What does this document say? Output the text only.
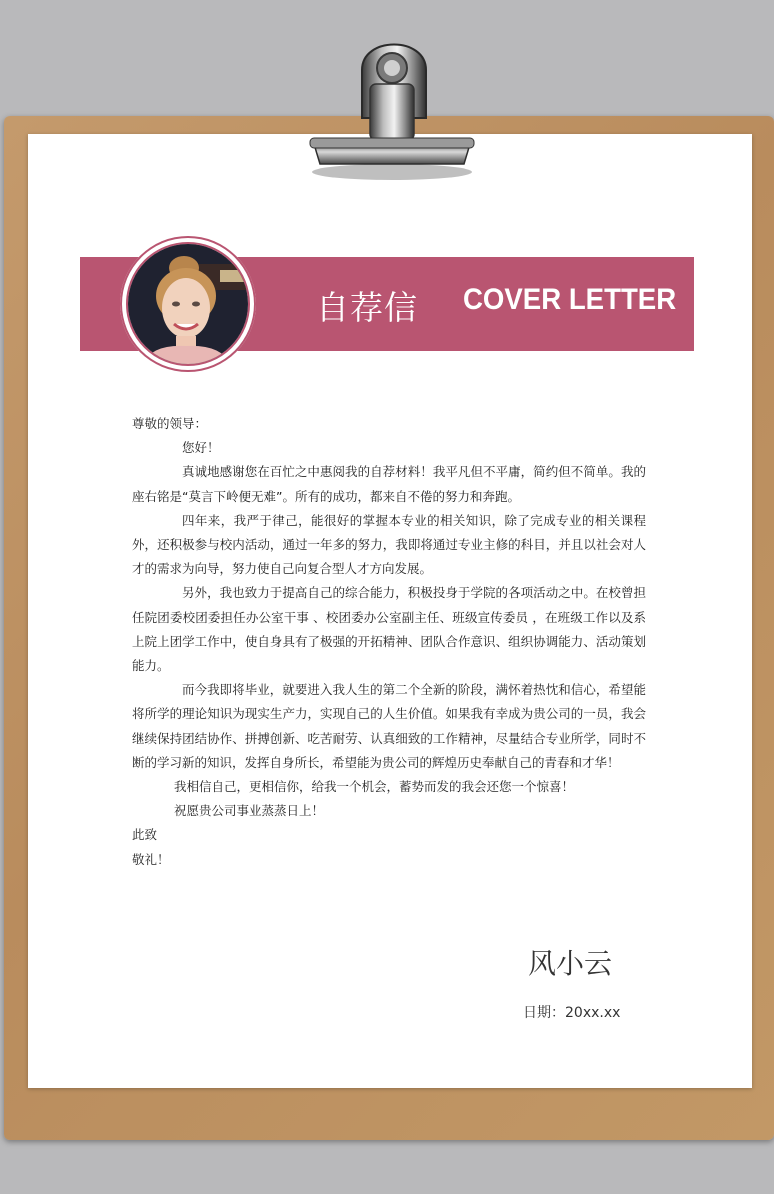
自荐信 COVER LETTER

尊敬的领导：

您好！

真诚地感谢您在百忙之中惠阅我的自荐材料！我平凡但不平庸，简约但不简单。我的座右铭是“莫言下岭便无难”。所有的成功，都来自不倦的努力和奔跑。

四年来，我严于律己，能很好的掌握本专业的相关知识，除了完成专业的相关课程外，还积极参与校内活动，通过一年多的努力，我即将通过专业主修的科目，并且以社会对人才的需求为向导，努力使自己向复合型人才方向发展。

另外，我也致力于提高自己的综合能力，积极投身于学院的各项活动之中。在校曾担任院团委校团委担任办公室干事 、校团委办公室副主任、班级宣传委员 ，在班级工作以及系上院上团学工作中，使自身具有了极强的开拓精神、团队合作意识、组织协调能力、活动策划能力。

而今我即将毕业，就要进入我人生的第二个全新的阶段，满怀着热忱和信心，希望能将所学的理论知识为现实生产力，实现自己的人生价值。如果我有幸成为贵公司的一员，我会继续保持团结协作、拼搏创新、吃苦耐劳、认真细致的工作精神，尽量结合专业所学，同时不断的学习新的知识，发挥自身所长，希望能为贵公司的辉煌历史奉献自己的青春和才华！

我相信自己，更相信你，给我一个机会，蓄势而发的我会还您一个惊喜！

祝愿贵公司事业蒸蒸日上！

此致

敬礼！

风小云
日期：20xx.xx
